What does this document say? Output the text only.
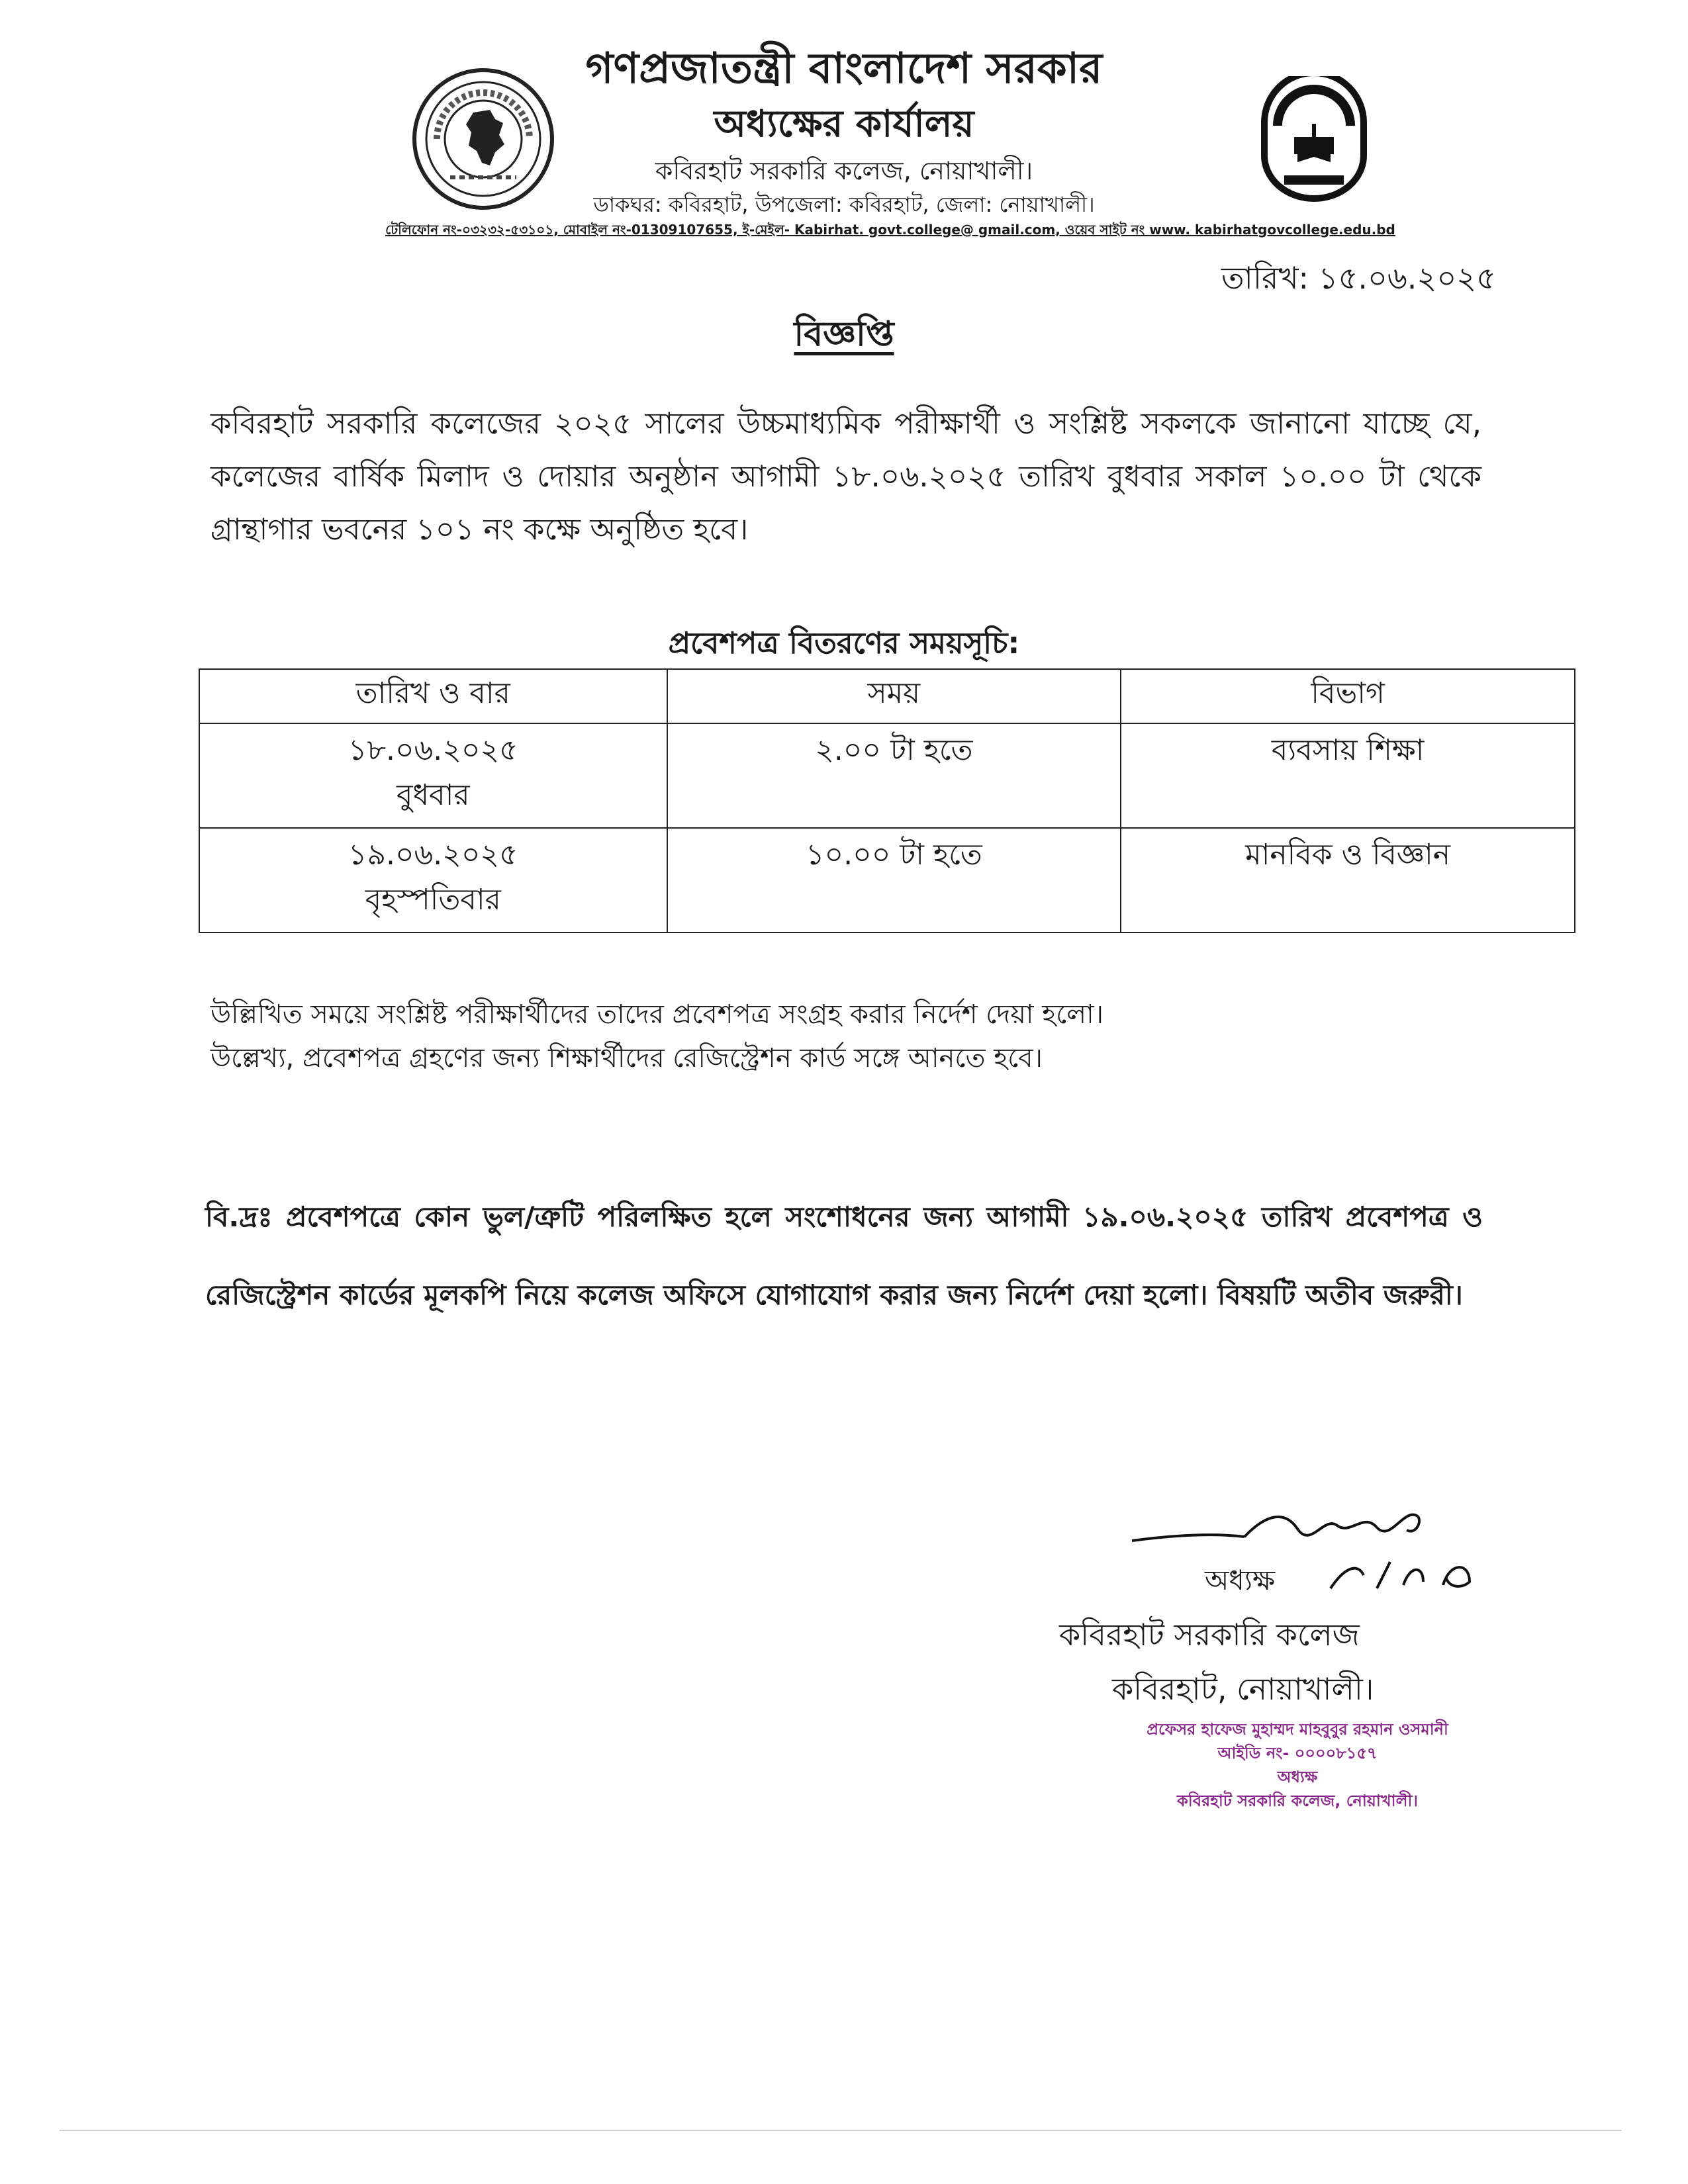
গণপ্রজাতন্ত্রী বাংলাদেশ সরকার
অধ্যক্ষের কার্যালয়
কবিরহাট সরকারি কলেজ, নোয়াখালী।
ডাকঘর: কবিরহাট, উপজেলা: কবিরহাট, জেলা: নোয়াখালী।
টেলিফোন নং-০৩২৩২-৫৩১০১, মোবাইল নং-01309107655, ই-মেইল- Kabirhat. govt.college@ gmail.com, ওয়েব সাইট নং www. kabirhatgovcollege.edu.bd
তারিখ: ১৫.০৬.২০২৫
বিজ্ঞপ্তি
কবিরহাট সরকারি কলেজের ২০২৫ সালের উচ্চমাধ্যমিক পরীক্ষার্থী ও সংশ্লিষ্ট সকলকে জানানো যাচ্ছে যে, কলেজের বার্ষিক মিলাদ ও দোয়ার অনুষ্ঠান আগামী ১৮.০৬.২০২৫ তারিখ বুধবার সকাল ১০.০০ টা থেকে গ্রান্থাগার ভবনের ১০১ নং কক্ষে অনুষ্ঠিত হবে।
প্রবেশপত্র বিতরণের সময়সূচি:
তারিখ ও বার	সময়	বিভাগ

১৮.০৬.২০২৫
বুধবার	২.০০ টা হতে	ব্যবসায় শিক্ষা

১৯.০৬.২০২৫
বৃহস্পতিবার	১০.০০ টা হতে	মানবিক ও বিজ্ঞান
উল্লিখিত সময়ে সংশ্লিষ্ট পরীক্ষার্থীদের তাদের প্রবেশপত্র সংগ্রহ করার নির্দেশ দেয়া হলো।
উল্লেখ্য, প্রবেশপত্র গ্রহণের জন্য শিক্ষার্থীদের রেজিস্ট্রেশন কার্ড সঙ্গে আনতে হবে।
বি.দ্রঃ প্রবেশপত্রে কোন ভুল/ত্রুটি পরিলক্ষিত হলে সংশোধনের জন্য আগামী ১৯.০৬.২০২৫ তারিখ প্রবেশপত্র ও রেজিস্ট্রেশন কার্ডের মূলকপি নিয়ে কলেজ অফিসে যোগাযোগ করার জন্য নির্দেশ দেয়া হলো। বিষয়টি অতীব জরুরী।
অধ্যক্ষ
কবিরহাট সরকারি কলেজ
কবিরহাট, নোয়াখালী।
প্রফেসর হাফেজ মুহাম্মদ মাহবুবুর রহমান ওসমানী
আইডি নং- ০০০০৮১৫৭
অধ্যক্ষ
কবিরহাট সরকারি কলেজ, নোয়াখালী।
